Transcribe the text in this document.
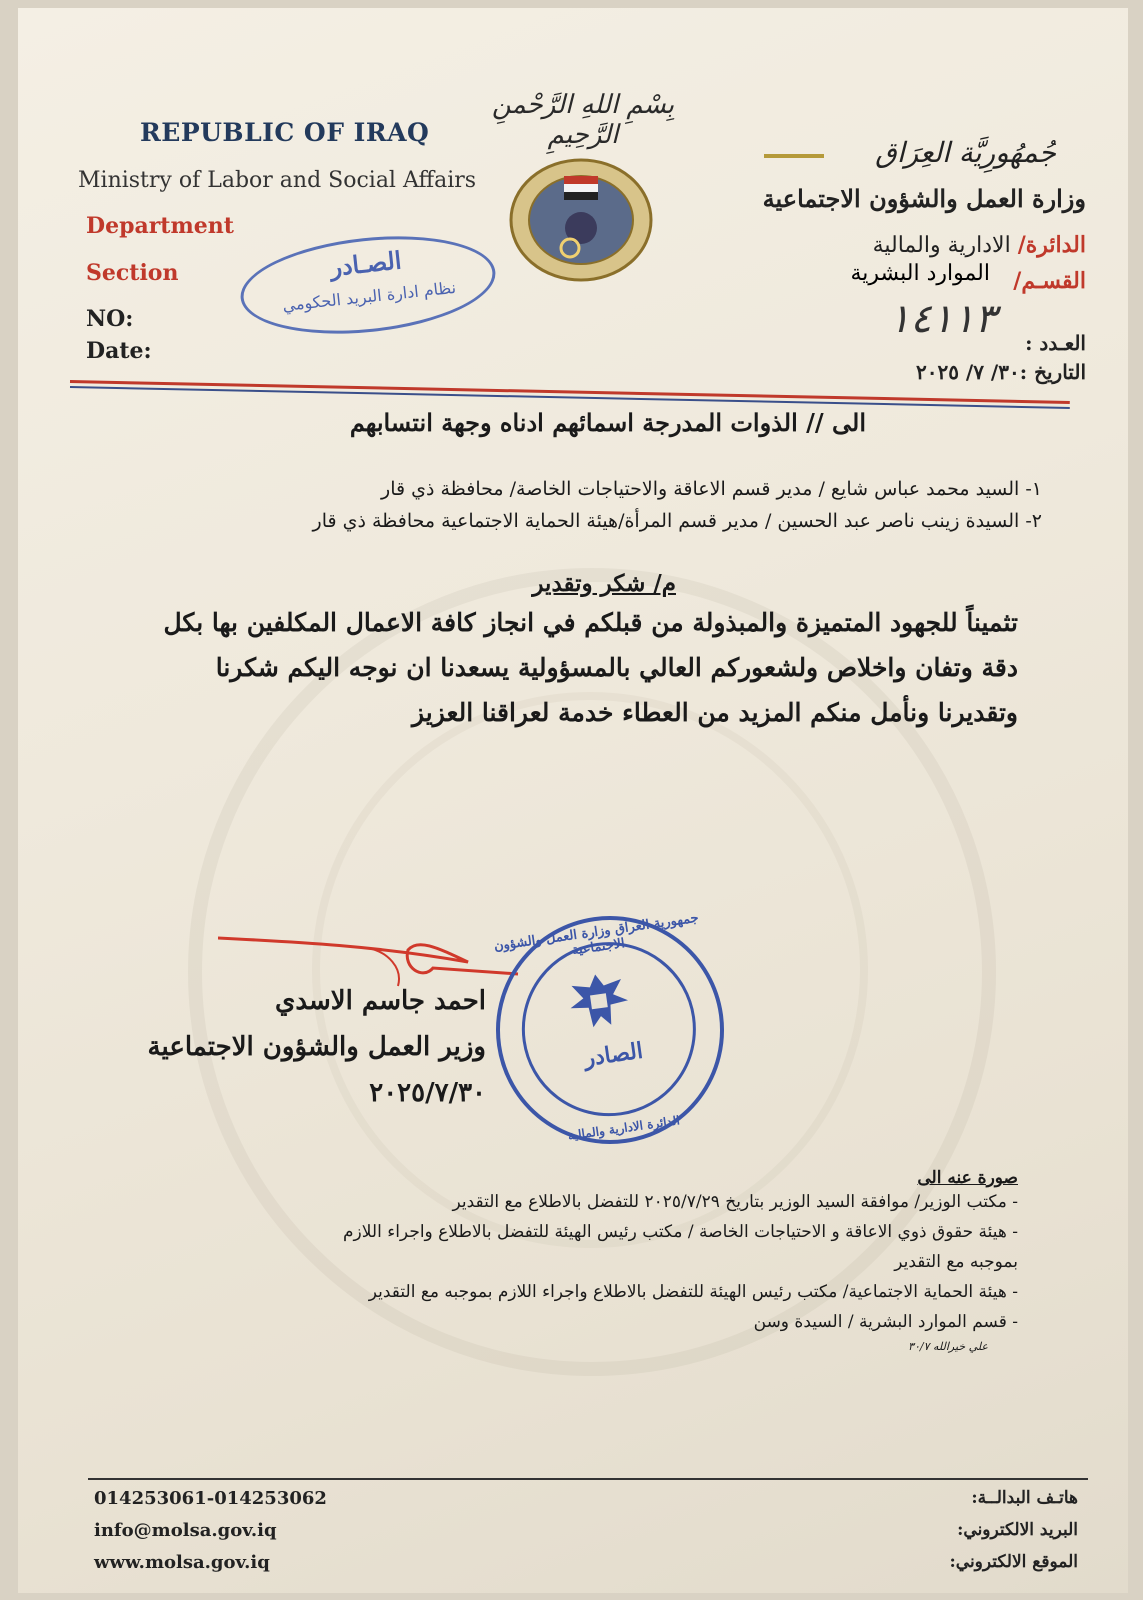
REPUBLIC OF IRAQ
Ministry of Labor and Social Affairs
Department
Section
NO:
Date:
الصـادر
نظام ادارة البريد الحكومي
بِسْمِ اللهِ الرَّحْمنِ الرَّحِيمِ
جُمهُورِيَّة العِرَاق
وزارة العمل والشؤون الاجتماعية
الدائرة/ الادارية والمالية
القسـم/
الموارد البشرية
١٤١١٣
العـدد :
التاريخ :٣٠/ ٧/ ٢٠٢٥
الى // الذوات المدرجة اسمائهم ادناه وجهة انتسابهم
١- السيد محمد عباس شايع / مدير قسم الاعاقة والاحتياجات الخاصة/ محافظة ذي قار
٢- السيدة زينب ناصر عبد الحسين / مدير قسم المرأة/هيئة الحماية الاجتماعية محافظة ذي قار
م/ شكر وتقدير
تثميناً للجهود المتميزة والمبذولة من قبلكم في انجاز كافة الاعمال المكلفين بها بكل دقة وتفان واخلاص ولشعوركم العالي بالمسؤولية يسعدنا ان نوجه اليكم شكرنا وتقديرنا ونأمل منكم المزيد من العطاء خدمة لعراقنا العزيز
جمهورية العراق وزارة العمل والشؤون الاجتماعية
الصادر
الدائرة الادارية والمالية
احمد جاسم الاسدي
وزير العمل والشؤون الاجتماعية
٢٠٢٥/٧/٣٠
صورة عنه الى
- مكتب الوزير/ موافقة السيد الوزير بتاريخ ٢٠٢٥/٧/٢٩ للتفضل بالاطلاع مع التقدير
- هيئة حقوق ذوي الاعاقة و الاحتياجات الخاصة / مكتب رئيس الهيئة للتفضل بالاطلاع واجراء اللازم
بموجبه مع التقدير
- هيئة الحماية الاجتماعية/ مكتب رئيس الهيئة للتفضل بالاطلاع واجراء اللازم بموجبه مع التقدير
- قسم الموارد البشرية / السيدة وسن
علي خيرالله ٣٠/٧
014253061-014253062
info@molsa.gov.iq
www.molsa.gov.iq
هاتـف البدالــة:
البريد الالكتروني:
الموقع الالكتروني:
